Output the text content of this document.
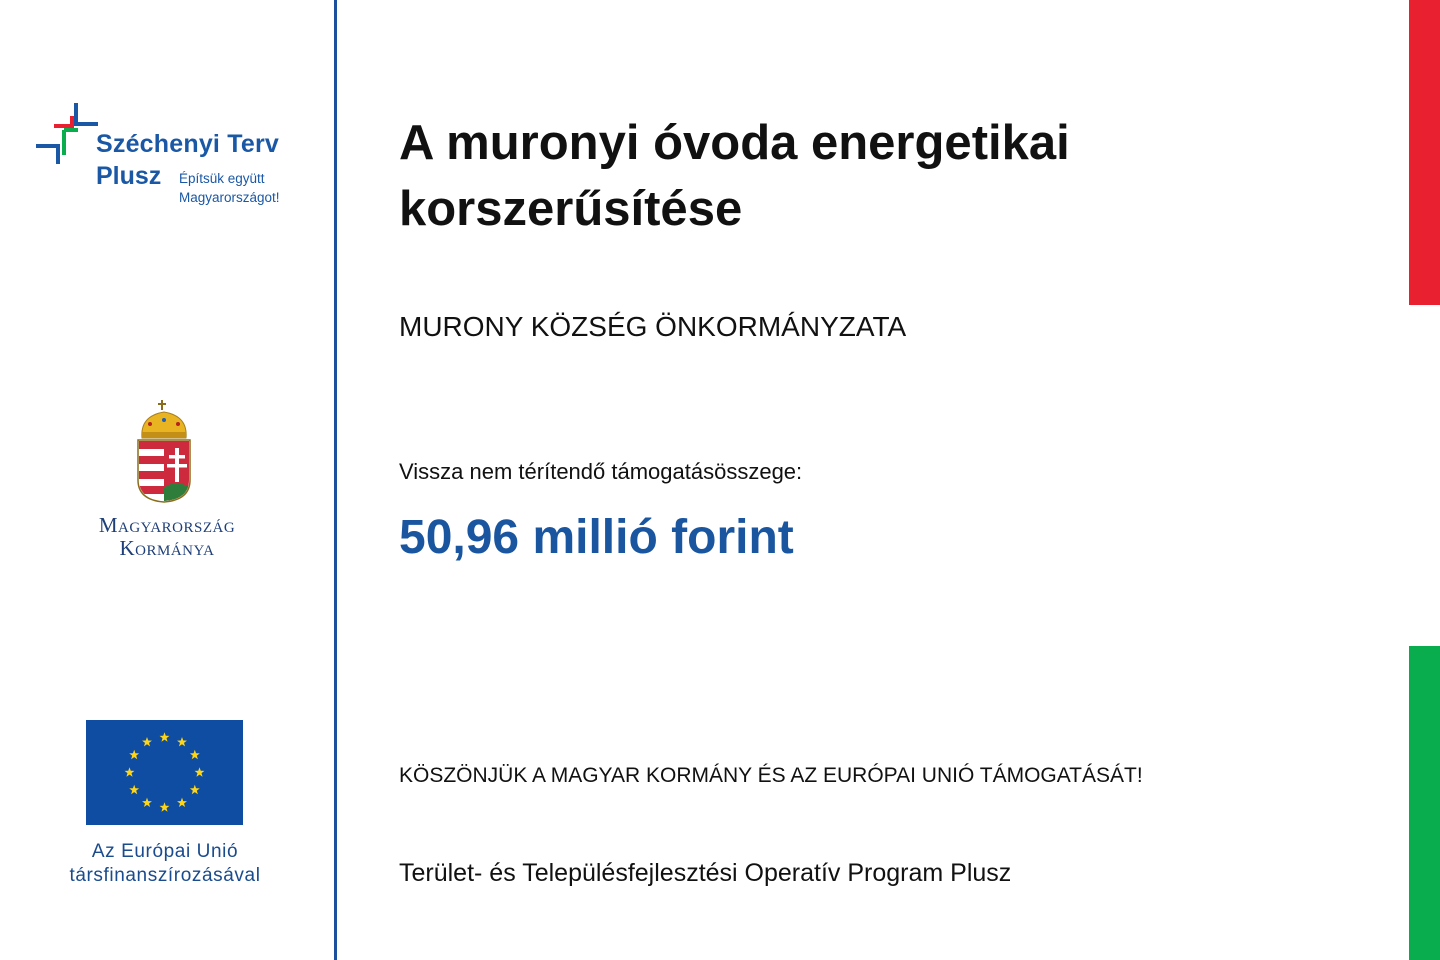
Széchenyi Terv
Plusz Építsük együtt
Magyarországot!
Magyarország
Kormánya
Az Európai Unió
társfinanszírozásával
A muronyi óvoda energetikai korszerűsítése
MURONY KÖZSÉG ÖNKORMÁNYZATA
Vissza nem térítendő támogatásösszege:
50,96 millió forint
KÖSZÖNJÜK A MAGYAR KORMÁNY ÉS AZ EURÓPAI UNIÓ TÁMOGATÁSÁT!
Terület- és Településfejlesztési Operatív Program Plusz
